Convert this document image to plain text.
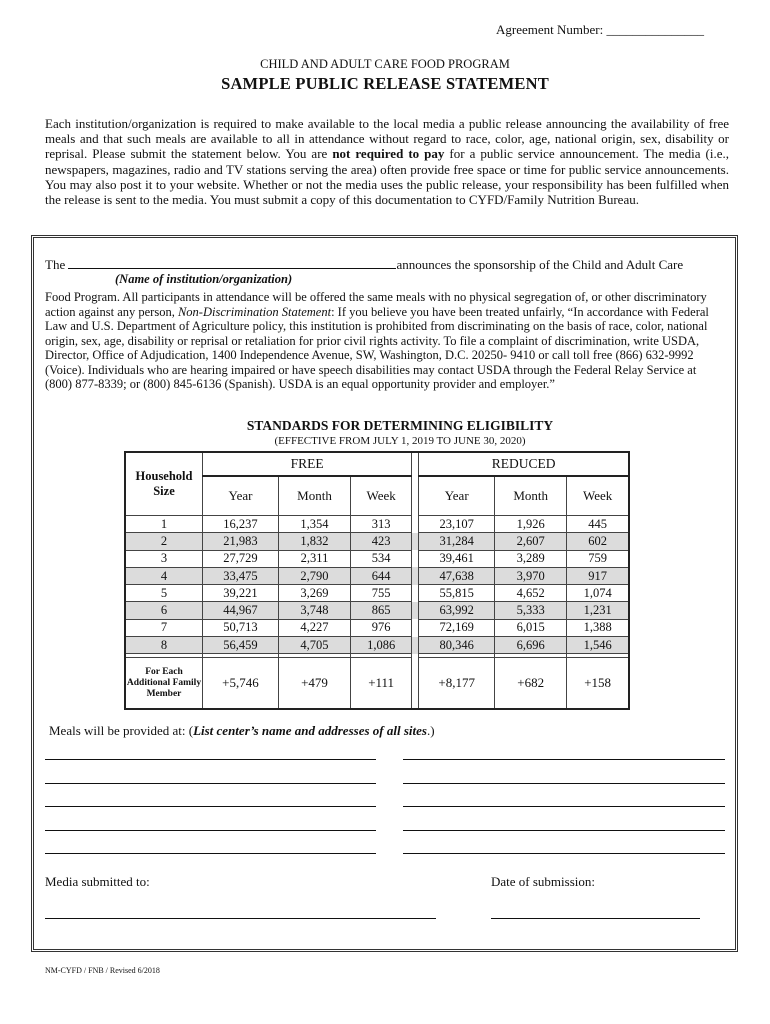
Agreement Number: _______________
CHILD AND ADULT CARE FOOD PROGRAM
SAMPLE PUBLIC RELEASE STATEMENT
Each institution/organization is required to make available to the local media a public release announcing the availability of free meals and that such meals are available to all in attendance without regard to race, color, age, national origin, sex, disability or reprisal. Please submit the statement below. You are not required to pay for a public service announcement. The media (i.e., newspapers, magazines, radio and TV stations serving the area) often provide free space or time for public service announcements. You may also post it to your website. Whether or not the media uses the public release, your responsibility has been fulfilled when the release is sent to the media. You must submit a copy of this documentation to CYFD/Family Nutrition Bureau.
The	announces the sponsorship of the Child and Adult Care
(Name of institution/organization)
Food Program. All participants in attendance will be offered the same meals with no physical segregation of, or other discriminatory action against any person, Non-Discrimination Statement: If you believe you have been treated unfairly, “In accordance with Federal Law and U.S. Department of Agriculture policy, this institution is prohibited from discriminating on the basis of race, color, national origin, sex, age, disability or reprisal or retaliation for prior civil rights activity. To file a complaint of discrimination, write USDA, Director, Office of Adjudication, 1400 Independence Avenue, SW, Washington, D.C. 20250- 9410 or call toll free (866) 632-9992 (Voice). Individuals who are hearing impaired or have speech disabilities may contact USDA through the Federal Relay Service at (800) 877-8339; or (800) 845-6136 (Spanish). USDA is an equal opportunity provider and employer.”
STANDARDS FOR DETERMINING ELIGIBILITY
(EFFECTIVE FROM JULY 1, 2019 TO JUNE 30, 2020)
Household Size	FREE				REDUCED		
	Year	Month	Week		Year	Month	Week
1	16,237	1,354	313		23,107	1,926	445
2	21,983	1,832	423		31,284	2,607	602
3	27,729	2,311	534		39,461	3,289	759
4	33,475	2,790	644		47,638	3,970	917
5	39,221	3,269	755		55,815	4,652	1,074
6	44,967	3,748	865		63,992	5,333	1,231
7	50,713	4,227	976		72,169	6,015	1,388
8	56,459	4,705	1,086		80,346	6,696	1,546

For Each Additional Family Member	+5,746	+479	+111		+8,177	+682	+158
Meals will be provided at: (List center’s name and addresses of all sites.)
Media submitted to:	Date of submission:
NM-CYFD / FNB / Revised 6/2018
